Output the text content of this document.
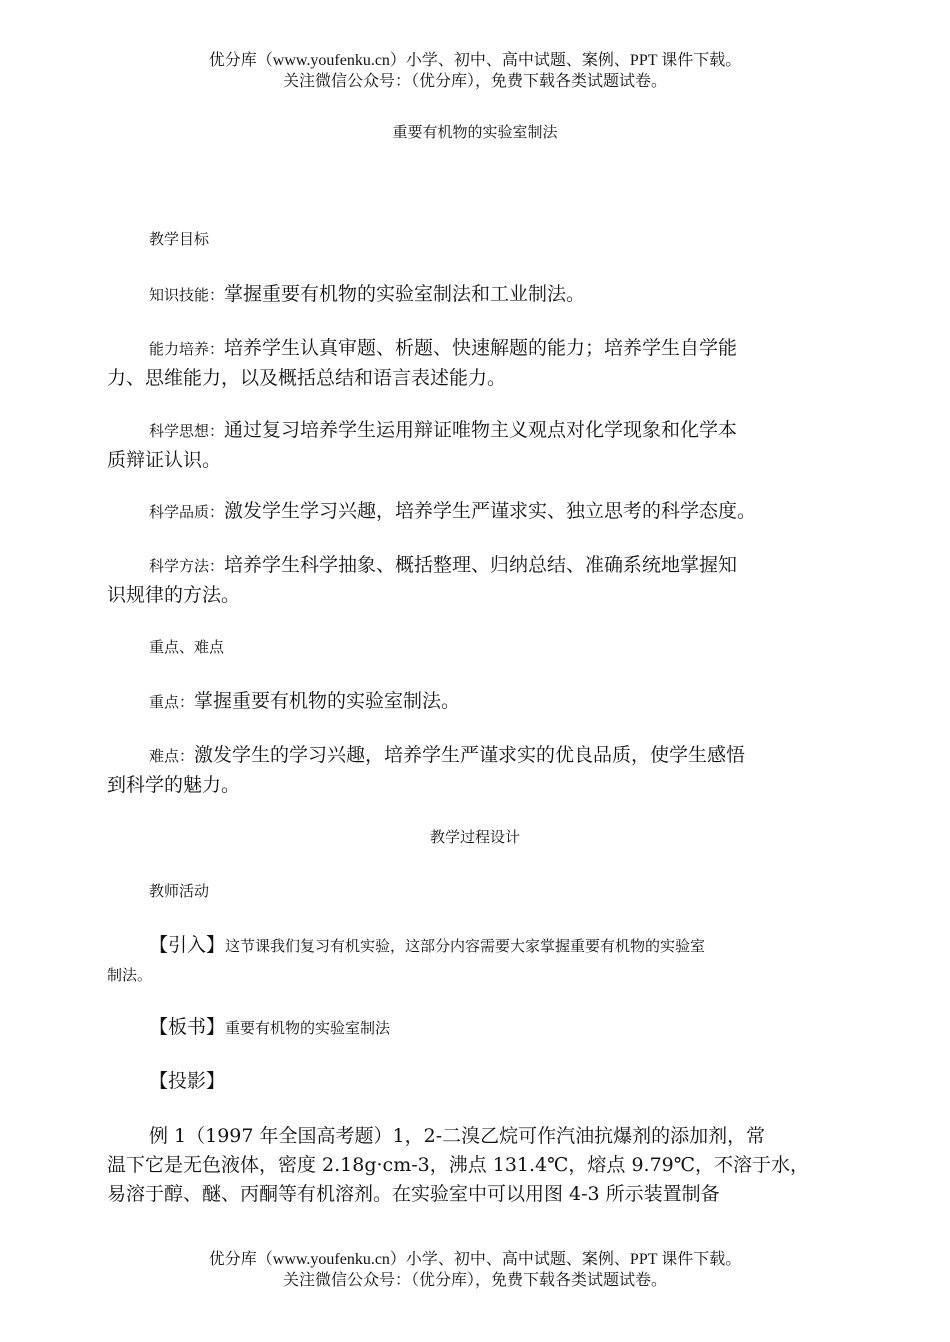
优分库（www.youfenku.cn）小学、初中、高中试题、案例、PPT 课件下载。
关注微信公众号：（优分库），免费下载各类试题试卷。
重要有机物的实验室制法
教学目标
知识技能：掌握重要有机物的实验室制法和工业制法。
能力培养：培养学生认真审题、析题、快速解题的能力；培养学生自学能
力、思维能力，以及概括总结和语言表述能力。
科学思想：通过复习培养学生运用辩证唯物主义观点对化学现象和化学本
质辩证认识。
科学品质：激发学生学习兴趣，培养学生严谨求实、独立思考的科学态度。
科学方法：培养学生科学抽象、概括整理、归纳总结、准确系统地掌握知
识规律的方法。
重点、难点
重点：掌握重要有机物的实验室制法。
难点：激发学生的学习兴趣，培养学生严谨求实的优良品质，使学生感悟
到科学的魅力。
教学过程设计
教师活动
【引入】这节课我们复习有机实验，这部分内容需要大家掌握重要有机物的实验室
制法。
【板书】重要有机物的实验室制法
【投影】
例 1（1997 年全国高考题）1，2-二溴乙烷可作汽油抗爆剂的添加剂，常
温下它是无色液体，密度 2.18g·cm-3，沸点 131.4℃，熔点 9.79℃，不溶于水，
易溶于醇、醚、丙酮等有机溶剂。在实验室中可以用图 4-3 所示装置制备
优分库（www.youfenku.cn）小学、初中、高中试题、案例、PPT 课件下载。
关注微信公众号：（优分库），免费下载各类试题试卷。
